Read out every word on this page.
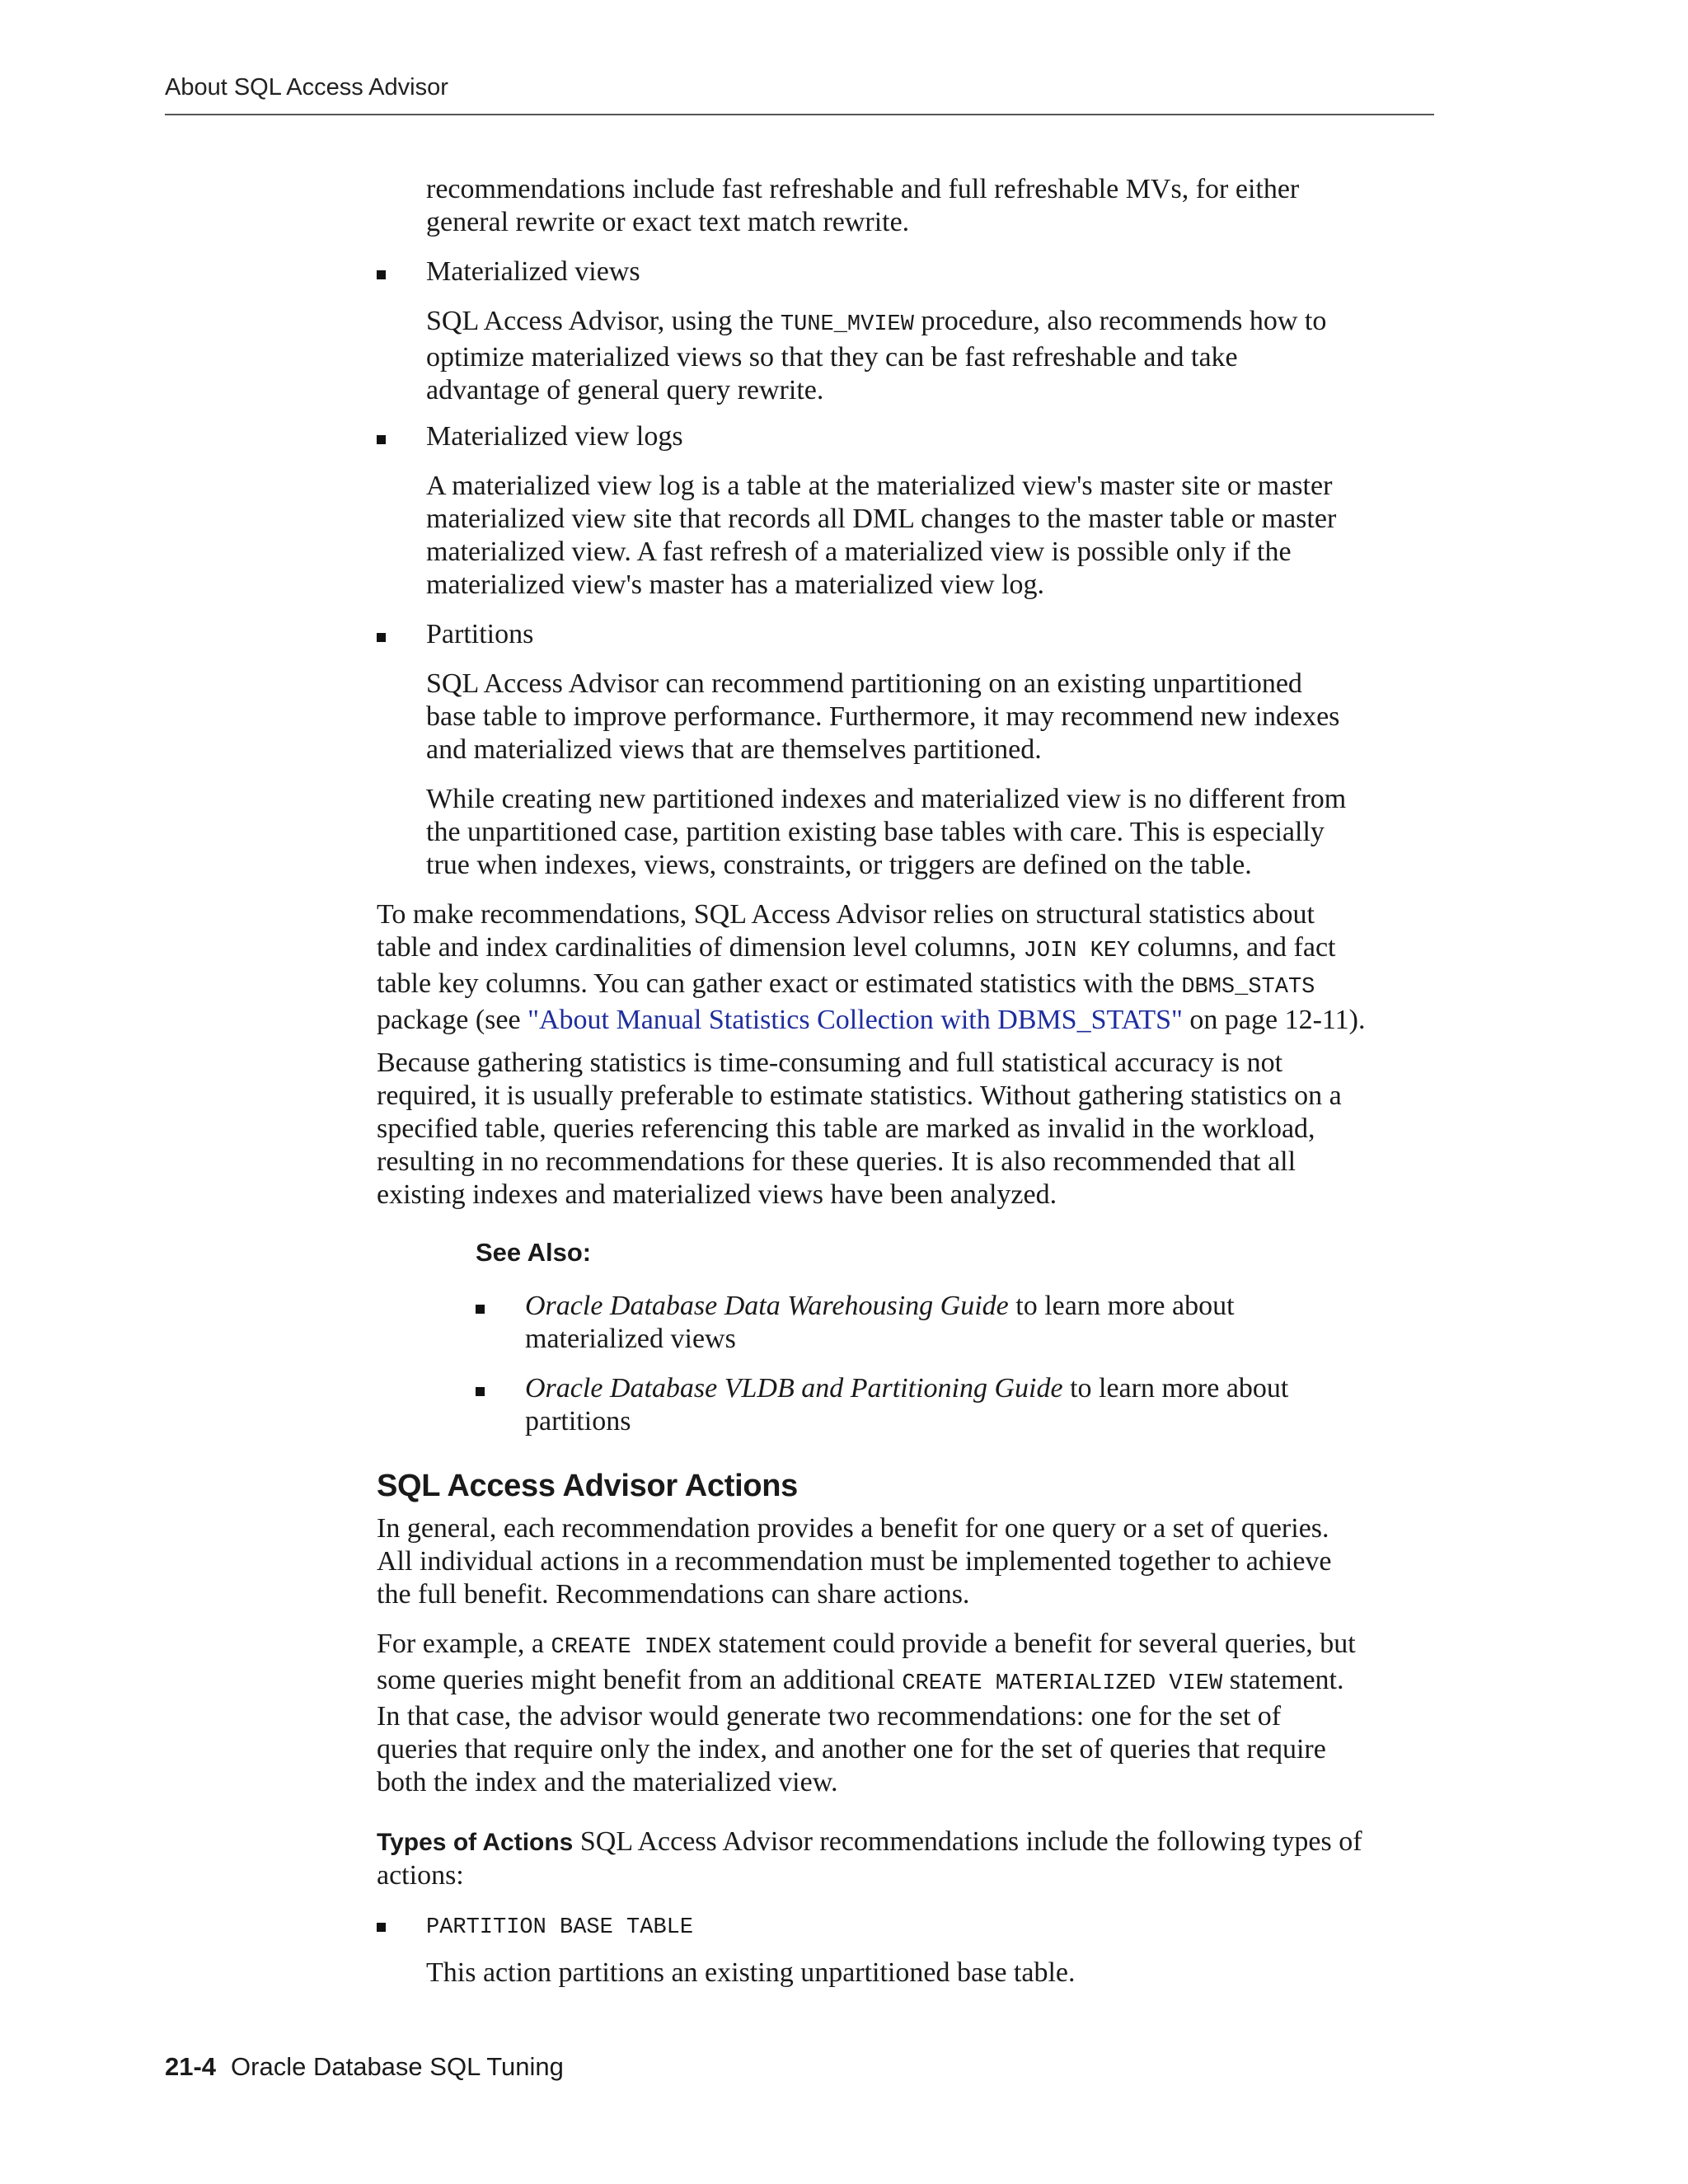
About SQL Access Advisor
recommendations include fast refreshable and full refreshable MVs, for either
general rewrite or exact text match rewrite.
Materialized views
SQL Access Advisor, using the TUNE_MVIEW procedure, also recommends how to
optimize materialized views so that they can be fast refreshable and take
advantage of general query rewrite.
Materialized view logs
A materialized view log is a table at the materialized view's master site or master
materialized view site that records all DML changes to the master table or master
materialized view. A fast refresh of a materialized view is possible only if the
materialized view's master has a materialized view log.
Partitions
SQL Access Advisor can recommend partitioning on an existing unpartitioned
base table to improve performance. Furthermore, it may recommend new indexes
and materialized views that are themselves partitioned.
While creating new partitioned indexes and materialized view is no different from
the unpartitioned case, partition existing base tables with care. This is especially
true when indexes, views, constraints, or triggers are defined on the table.
To make recommendations, SQL Access Advisor relies on structural statistics about
table and index cardinalities of dimension level columns, JOIN KEY columns, and fact
table key columns. You can gather exact or estimated statistics with the DBMS_STATS
package (see "About Manual Statistics Collection with DBMS_STATS" on page 12-11).
Because gathering statistics is time-consuming and full statistical accuracy is not
required, it is usually preferable to estimate statistics. Without gathering statistics on a
specified table, queries referencing this table are marked as invalid in the workload,
resulting in no recommendations for these queries. It is also recommended that all
existing indexes and materialized views have been analyzed.
See Also:
Oracle Database Data Warehousing Guide to learn more about
materialized views
Oracle Database VLDB and Partitioning Guide to learn more about
partitions
SQL Access Advisor Actions
In general, each recommendation provides a benefit for one query or a set of queries.
All individual actions in a recommendation must be implemented together to achieve
the full benefit. Recommendations can share actions.
For example, a CREATE INDEX statement could provide a benefit for several queries, but
some queries might benefit from an additional CREATE MATERIALIZED VIEW statement.
In that case, the advisor would generate two recommendations: one for the set of
queries that require only the index, and another one for the set of queries that require
both the index and the materialized view.
Types of Actions SQL Access Advisor recommendations include the following types of
actions:
PARTITION BASE TABLE
This action partitions an existing unpartitioned base table.
21-4 Oracle Database SQL Tuning
